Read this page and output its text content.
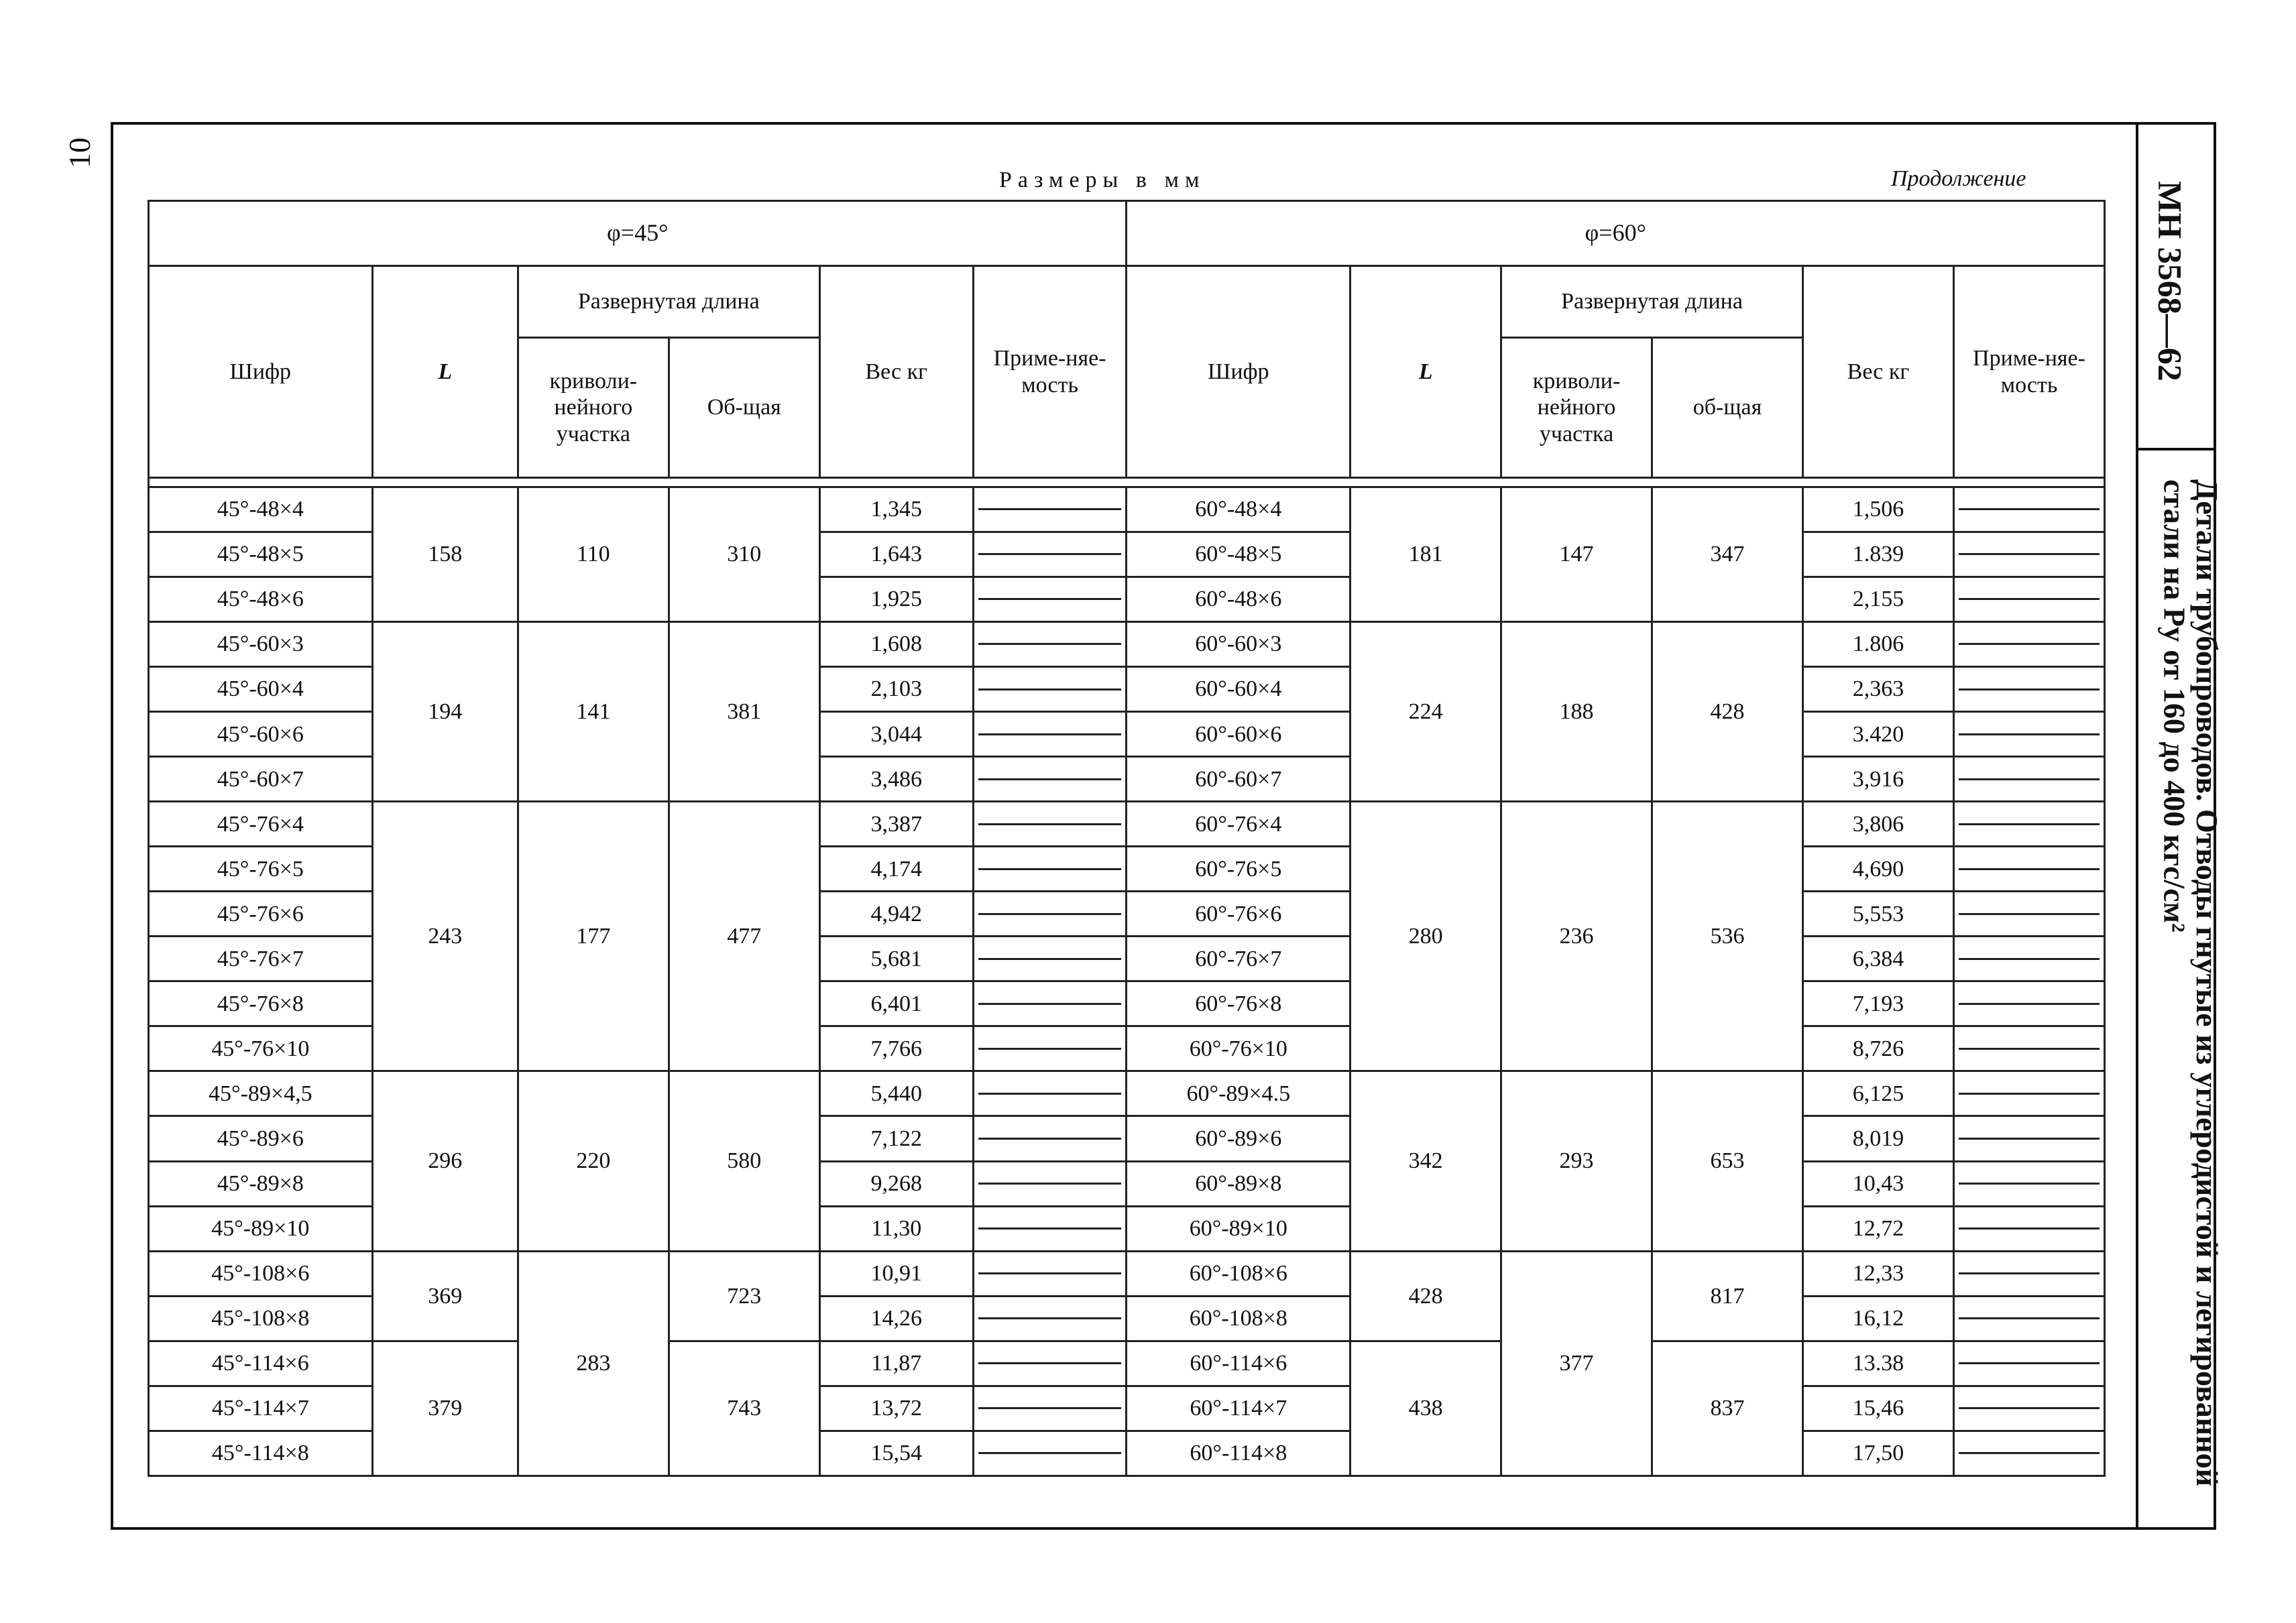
10
МН 3568—62
Детали трубопроводов. Отводы гнутые из углеродистой и легированной
стали на Pу от 160 до 400 кгс/см²
Размеры в мм	Продолжение
φ=45°						φ=60°					
Шифр	L	Развернутая длина		Вес кг	Приме-няе-мость	Шифр	L	Развернутая длина		Вес кг	Приме-няе-мость
		криволи-нейного участка	Об-щая					криволи-нейного участка	об-щая		

45°-48×4	158	110	310	1,345		60°-48×4	181	147	347	1,506	

45°-48×5				1,643		60°-48×5				1.839	

45°-48×6				1,925		60°-48×6				2,155	

45°-60×3	194	141	381	1,608		60°-60×3	224	188	428	1.806	

45°-60×4				2,103		60°-60×4				2,363	

45°-60×6				3,044		60°-60×6				3.420	

45°-60×7				3,486		60°-60×7				3,916	

45°-76×4	243	177	477	3,387		60°-76×4	280	236	536	3,806	

45°-76×5				4,174		60°-76×5				4,690	

45°-76×6				4,942		60°-76×6				5,553	

45°-76×7				5,681		60°-76×7				6,384	

45°-76×8				6,401		60°-76×8				7,193	

45°-76×10				7,766		60°-76×10				8,726	

45°-89×4,5	296	220	580	5,440		60°-89×4.5	342	293	653	6,125	

45°-89×6				7,122		60°-89×6				8,019	

45°-89×8				9,268		60°-89×8				10,43	

45°-89×10				11,30		60°-89×10				12,72	

45°-108×6	369	283	723	10,91		60°-108×6	428	377	817	12,33	

45°-108×8				14,26		60°-108×8				16,12	

45°-114×6	379		743	11,87		60°-114×6	438		837	13.38	

45°-114×7				13,72		60°-114×7				15,46	

45°-114×8				15,54		60°-114×8				17,50	
